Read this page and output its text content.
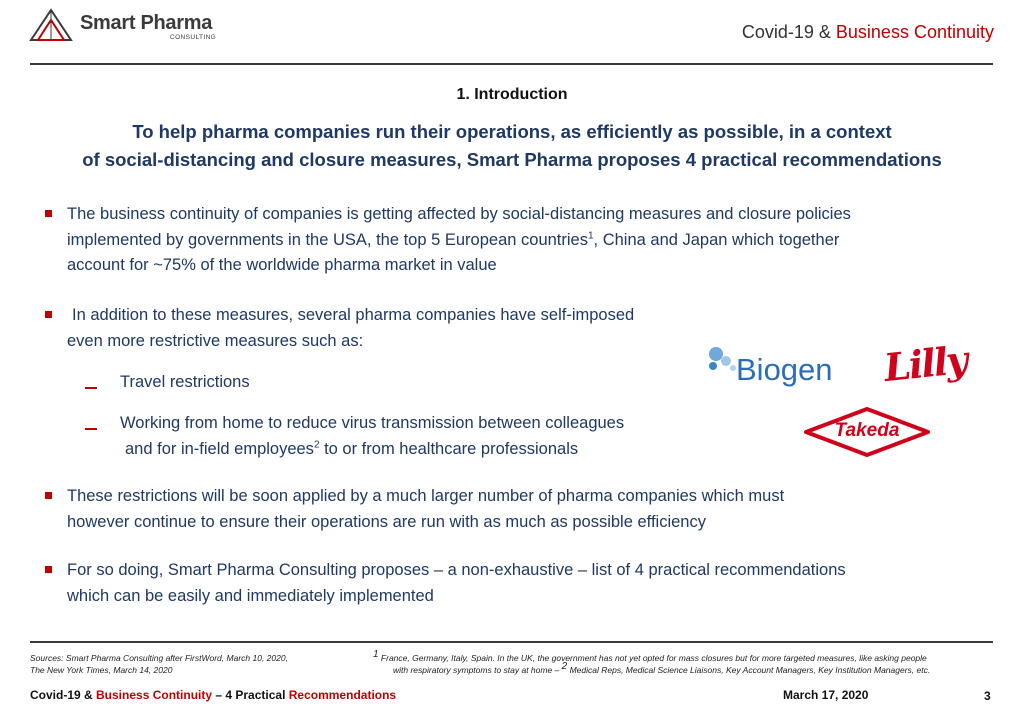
Smart Pharma
CONSULTING	Covid-19 & Business Continuity
1. Introduction
To help pharma companies run their operations, as efficiently as possible, in a context
of social-distancing and closure measures, Smart Pharma proposes 4 practical recommendations
The business continuity of companies is getting affected by social-distancing measures and closure policies
implemented by governments in the USA, the top 5 European countries$^1$, China and Japan which together
account for ~75% of the worldwide pharma market in value
In addition to these measures, several pharma companies have self-imposed
even more restrictive measures such as:
Travel restrictions
Working from home to reduce virus transmission between colleagues
and for in-field employees$^2$ to or from healthcare professionals
Biogen Lilly
Takeda
These restrictions will be soon applied by a much larger number of pharma companies which must
however continue to ensure their operations are run with as much as possible efficiency
For so doing, Smart Pharma Consulting proposes – a non-exhaustive – list of 4 practical recommendations
which can be easily and immediately implemented
Sources: Smart Pharma Consulting after FirstWord, March 10, 2020,
The New York Times, March 14, 2020
$^1$ France, Germany, Italy, Spain. In the UK, the government has not yet opted for mass closures but for more targeted measures, like asking people
with respiratory symptoms to stay at home – $^2$ Medical Reps, Medical Science Liaisons, Key Account Managers, Key Institution Managers, etc.
Covid-19 & Business Continuity – 4 Practical Recommendations	March 17, 2020	3
